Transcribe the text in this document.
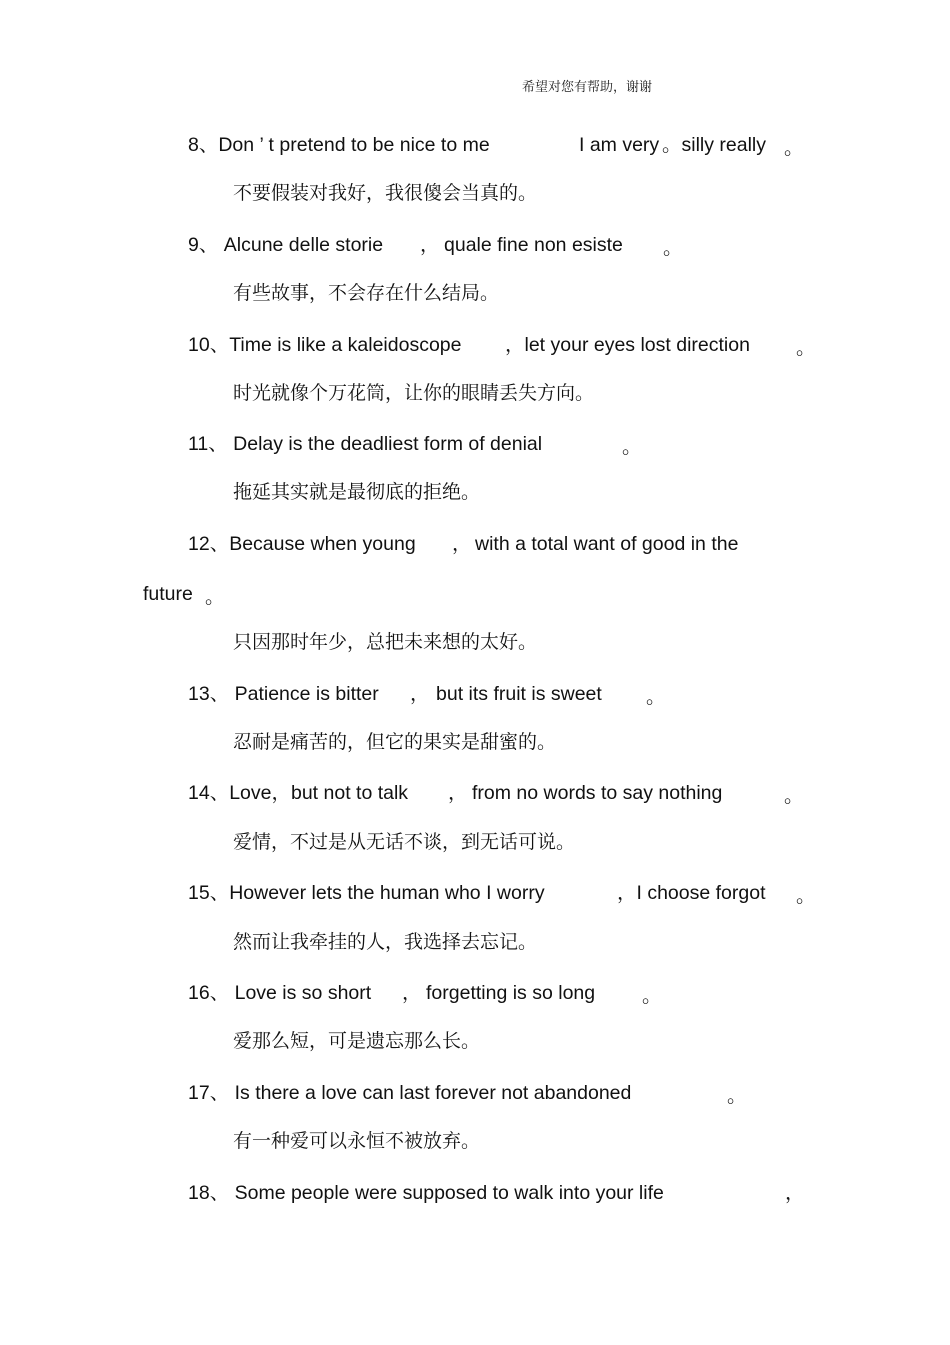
希望对您有帮助，谢谢
8、Don ’ t pretend to be nice to me	I am very 。silly really 。
不要假装对我好，我很傻会当真的。
9、 Alcune delle storie ， quale fine non esiste 。
有些故事，不会存在什么结局。
10、Time is like a kaleidoscope ，let your eyes lost direction 。
时光就像个万花筒，让你的眼睛丢失方向。
11、 Delay is the deadliest form of denial	。
拖延其实就是最彻底的拒绝。
12、Because when young ， with a total want of good in the
future 。
只因那时年少，总把未来想的太好。
13、 Patience is bitter ， but its fruit is sweet 。
忍耐是痛苦的，但它的果实是甜蜜的。
14、Love，but not to talk ， from no words to say nothing	。
爱情，不过是从无话不谈，到无话可说。
15、However lets the human who I worry	，I choose forgot 。
然而让我牵挂的人，我选择去忘记。
16、 Love is so short ， forgetting is so long 。
爱那么短，可是遗忘那么长。
17、 Is there a love can last forever not abandoned	。
有一种爱可以永恒不被放弃。
18、 Some people were supposed to walk into your life	，
